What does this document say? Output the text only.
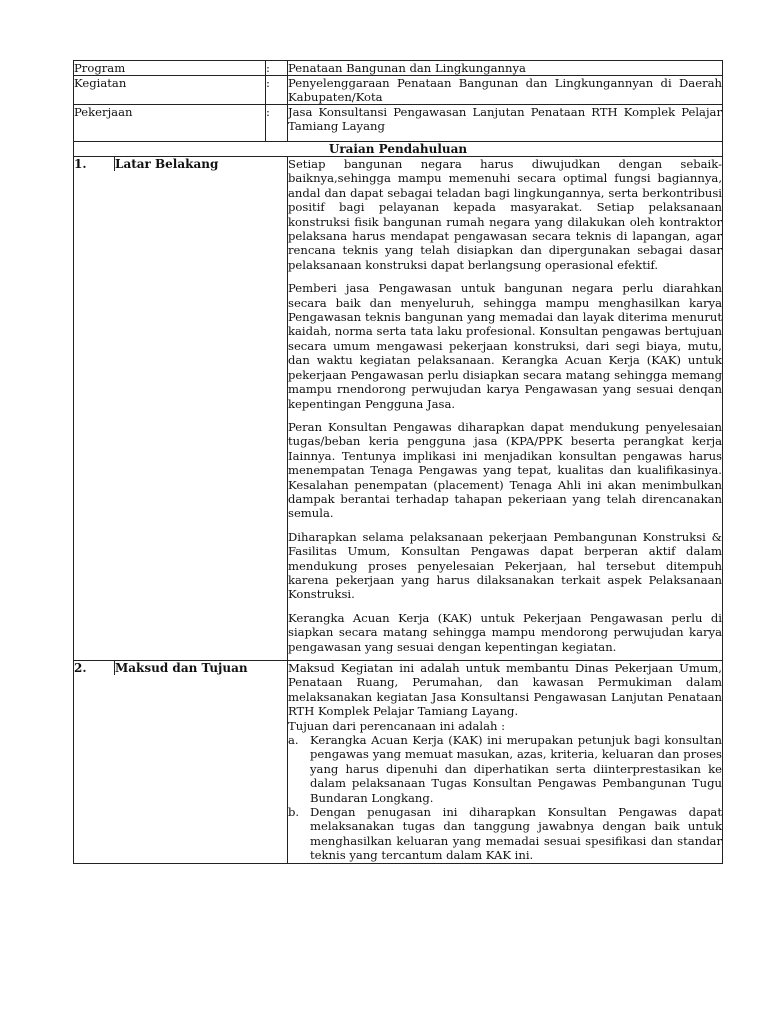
Program	:	Penataan Bangunan dan Lingkungannya
Kegiatan	:	Penyelenggaraan Penataan Bangunan dan Lingkungannyan di Daerah Kabupaten/Kota
Pekerjaan	:	Jasa Konsultansi Pengawasan Lanjutan Penataan RTH Komplek Pelajar Tamiang Layang
Uraian Pendahuluan

1.	Latar Belakang
		Setiap bangunan negara harus diwujudkan dengan sebaik-baiknya,sehingga mampu memenuhi secara optimal fungsi bagiannya, andal dan dapat sebagai teladan bagi lingkungannya, serta berkontribusi positif bagi pelayanan kepada masyarakat. Setiap pelaksanaan konstruksi fisik bangunan rumah negara yang dilakukan oleh kontraktor pelaksana harus mendapat pengawasan secara teknis di lapangan, agar rencana teknis yang telah disiapkan dan dipergunakan sebagai dasar pelaksanaan konstruksi dapat berlangsung operasional efektif.

Pemberi jasa Pengawasan untuk bangunan negara perlu diarahkan secara baik dan menyeluruh, sehingga mampu menghasilkan karya Pengawasan teknis bangunan yang memadai dan layak diterima menurut kaidah, norma serta tata laku profesional. Konsultan pengawas bertujuan secara umum mengawasi pekerjaan konstruksi, dari segi biaya, mutu, dan waktu kegiatan pelaksanaan. Kerangka Acuan Kerja (KAK) untuk pekerjaan Pengawasan perlu disiapkan secara matang sehingga memang mampu rnendorong perwujudan karya Pengawasan yang sesuai denqan kepentingan Pengguna Jasa.

Peran Konsultan Pengawas diharapkan dapat mendukung penyelesaian tugas/beban keria pengguna jasa (KPA/PPK beserta perangkat kerja Iainnya. Tentunya implikasi ini menjadikan konsultan pengawas harus menempatan Tenaga Pengawas yang tepat, kualitas dan kualifikasinya. Kesalahan penempatan (placement) Tenaga Ahli ini akan menimbulkan dampak berantai terhadap tahapan pekeriaan yang telah direncanakan semula.

Diharapkan selama pelaksanaan pekerjaan Pembangunan Konstruksi & Fasilitas Umum, Konsultan Pengawas dapat berperan aktif dalam mendukung proses penyelesaian Pekerjaan, hal tersebut ditempuh karena pekerjaan yang harus dilaksanakan terkait aspek Pelaksanaan Konstruksi.

Kerangka Acuan Kerja (KAK) untuk Pekerjaan Pengawasan perlu di siapkan secara matang sehingga mampu mendorong perwujudan karya pengawasan yang sesuai dengan kepentingan kegiatan.

2.	Maksud dan Tujuan
		Maksud Kegiatan ini adalah untuk membantu Dinas Pekerjaan Umum, Penataan Ruang, Perumahan, dan kawasan Permukiman dalam melaksanakan kegiatan Jasa Konsultansi Pengawasan Lanjutan Penataan RTH Komplek Pelajar Tamiang Layang.

Tujuan dari perencanaan ini adalah :

a. Kerangka Acuan Kerja (KAK) ini merupakan petunjuk bagi konsultan pengawas yang memuat masukan, azas, kriteria, keluaran dan proses yang harus dipenuhi dan diperhatikan serta diinterprestasikan ke dalam pelaksanaan Tugas Konsultan Pengawas Pembangunan Tugu Bundaran Longkang.
b. Dengan penugasan ini diharapkan Konsultan Pengawas dapat melaksanakan tugas dan tanggung jawabnya dengan baik untuk menghasilkan keluaran yang memadai sesuai spesifikasi dan standar teknis yang tercantum dalam KAK ini.
